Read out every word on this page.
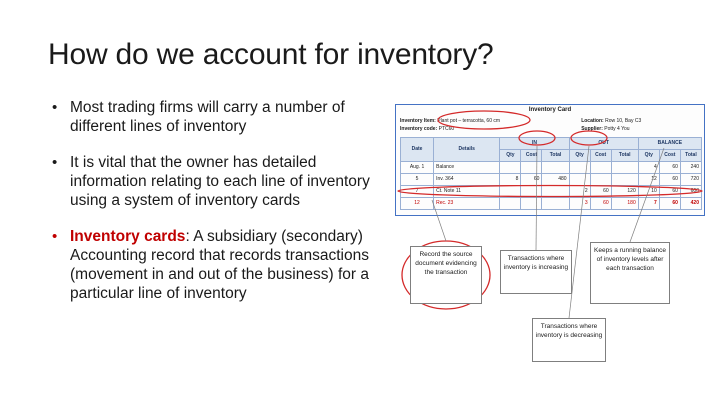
How do we account for inventory?
• Most trading firms will carry a number of different lines of inventory
• It is vital that the owner has detailed information relating to each line of inventory using a system of inventory cards
• Inventory cards: A subsidiary (secondary) Accounting record that records transactions (movement in and out of the business) for a particular line of inventory
Inventory Card
Inventory Item: Plant pot – terracotta, 60 cm	Location: Row 10, Bay C3
Inventory code: PTC60	Supplier: Potty 4 You
Date	Details	IN			OUT			BALANCE		
		Qty	Cost	Total	Qty	Cost	Total	Qty	Cost	Total
Aug. 1	Balance							4	60	240
5	Inv. 364	8	60	480				12	60	720
7	Ct. Note 11				2	60	120	10	60	600
12	Rec. 23				3	60	180	7	60	420
Record the source document evidencing the transaction
Transactions where inventory is increasing
Keeps a running balance of inventory levels after each transaction
Transactions where inventory is decreasing
